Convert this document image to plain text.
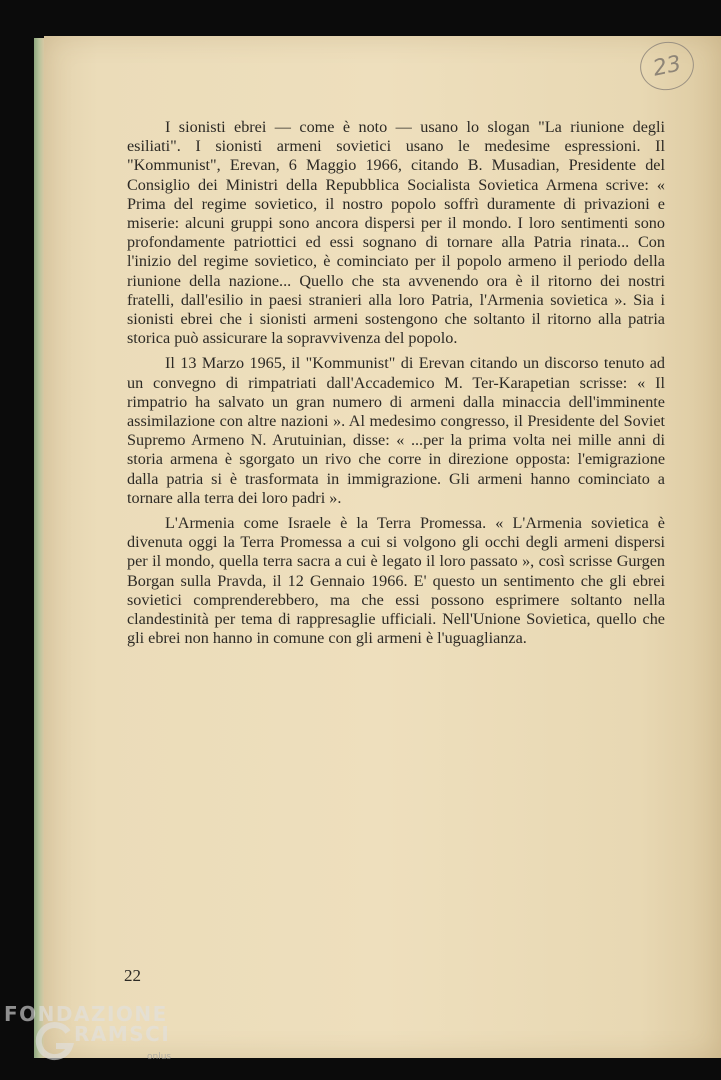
23

I sionisti ebrei — come è noto — usano lo slogan "La riunione degli esiliati". I sionisti armeni sovietici usano le medesime espressioni. Il "Kommunist", Erevan, 6 Maggio 1966, citando B. Musadian, Presidente del Consiglio dei Ministri della Repubblica Socialista Sovietica Armena scrive: « Prima del regime sovietico, il nostro popolo soffrì duramente di privazioni e miserie: alcuni gruppi sono ancora dispersi per il mondo. I loro sentimenti sono profondamente patriottici ed essi sognano di tornare alla Patria rinata... Con l'inizio del regime sovietico, è cominciato per il popolo armeno il periodo della riunione della nazione... Quello che sta avvenendo ora è il ritorno dei nostri fratelli, dall'esilio in paesi stranieri alla loro Patria, l'Armenia sovietica ». Sia i sionisti ebrei che i sionisti armeni sostengono che soltanto il ritorno alla patria storica può assicurare la sopravvivenza del popolo.

Il 13 Marzo 1965, il "Kommunist" di Erevan citando un discorso tenuto ad un convegno di rimpatriati dall'Accademico M. Ter-Karapetian scrisse: « Il rimpatrio ha salvato un gran numero di armeni dalla minaccia dell'imminente assimilazione con altre nazioni ». Al medesimo congresso, il Presidente del Soviet Supremo Armeno N. Arutuinian, disse: « ...per la prima volta nei mille anni di storia armena è sgorgato un rivo che corre in direzione opposta: l'emigrazione dalla patria si è trasformata in immigrazione. Gli armeni hanno cominciato a tornare alla terra dei loro padri ».

L'Armenia come Israele è la Terra Promessa. « L'Armenia sovietica è divenuta oggi la Terra Promessa a cui si volgono gli occhi degli armeni dispersi per il mondo, quella terra sacra a cui è legato il loro passato », così scrisse Gurgen Borgan sulla Pravda, il 12 Gennaio 1966. E' questo un sentimento che gli ebrei sovietici comprenderebbero, ma che essi possono esprimere soltanto nella clandestinità per tema di rappresaglie ufficiali. Nell'Unione Sovietica, quello che gli ebrei non hanno in comune con gli armeni è l'uguaglianza.

22
FONDAZIONE
RAMSCI
onlus
